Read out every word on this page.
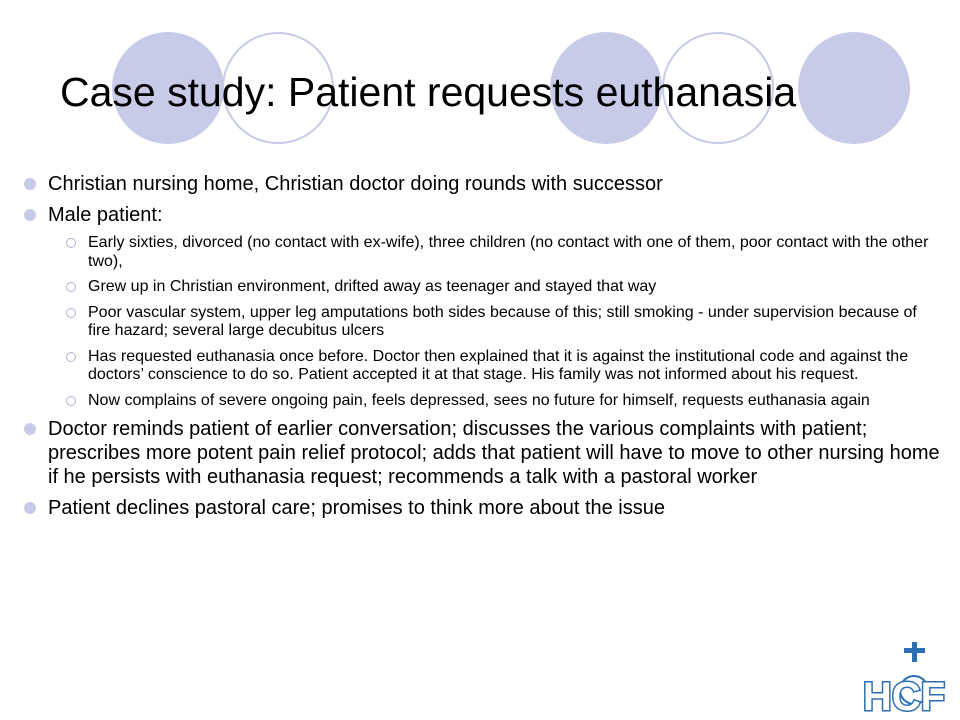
Case study: Patient requests euthanasia
Christian nursing home, Christian doctor doing rounds with successor
Male patient:
Early sixties, divorced (no contact with ex-wife), three children (no contact with one of them, poor contact with the other two),
Grew up in Christian environment, drifted away as teenager and stayed that way
Poor vascular system, upper leg amputations both sides because of this; still smoking - under supervision because of fire hazard; several large decubitus ulcers
Has requested euthanasia once before. Doctor then explained that it is against the institutional code and against the doctors’ conscience to do so. Patient accepted it at that stage. His family was not informed about his request.
Now complains of severe ongoing pain, feels depressed, sees no future for himself, requests euthanasia again
Doctor reminds patient of earlier conversation; discusses the various complaints with patient; prescribes more potent pain relief protocol; adds that patient will have to move to other nursing home if he persists with euthanasia request; recommends a talk with a pastoral worker
Patient declines pastoral care; promises to think more about the issue
HCF
